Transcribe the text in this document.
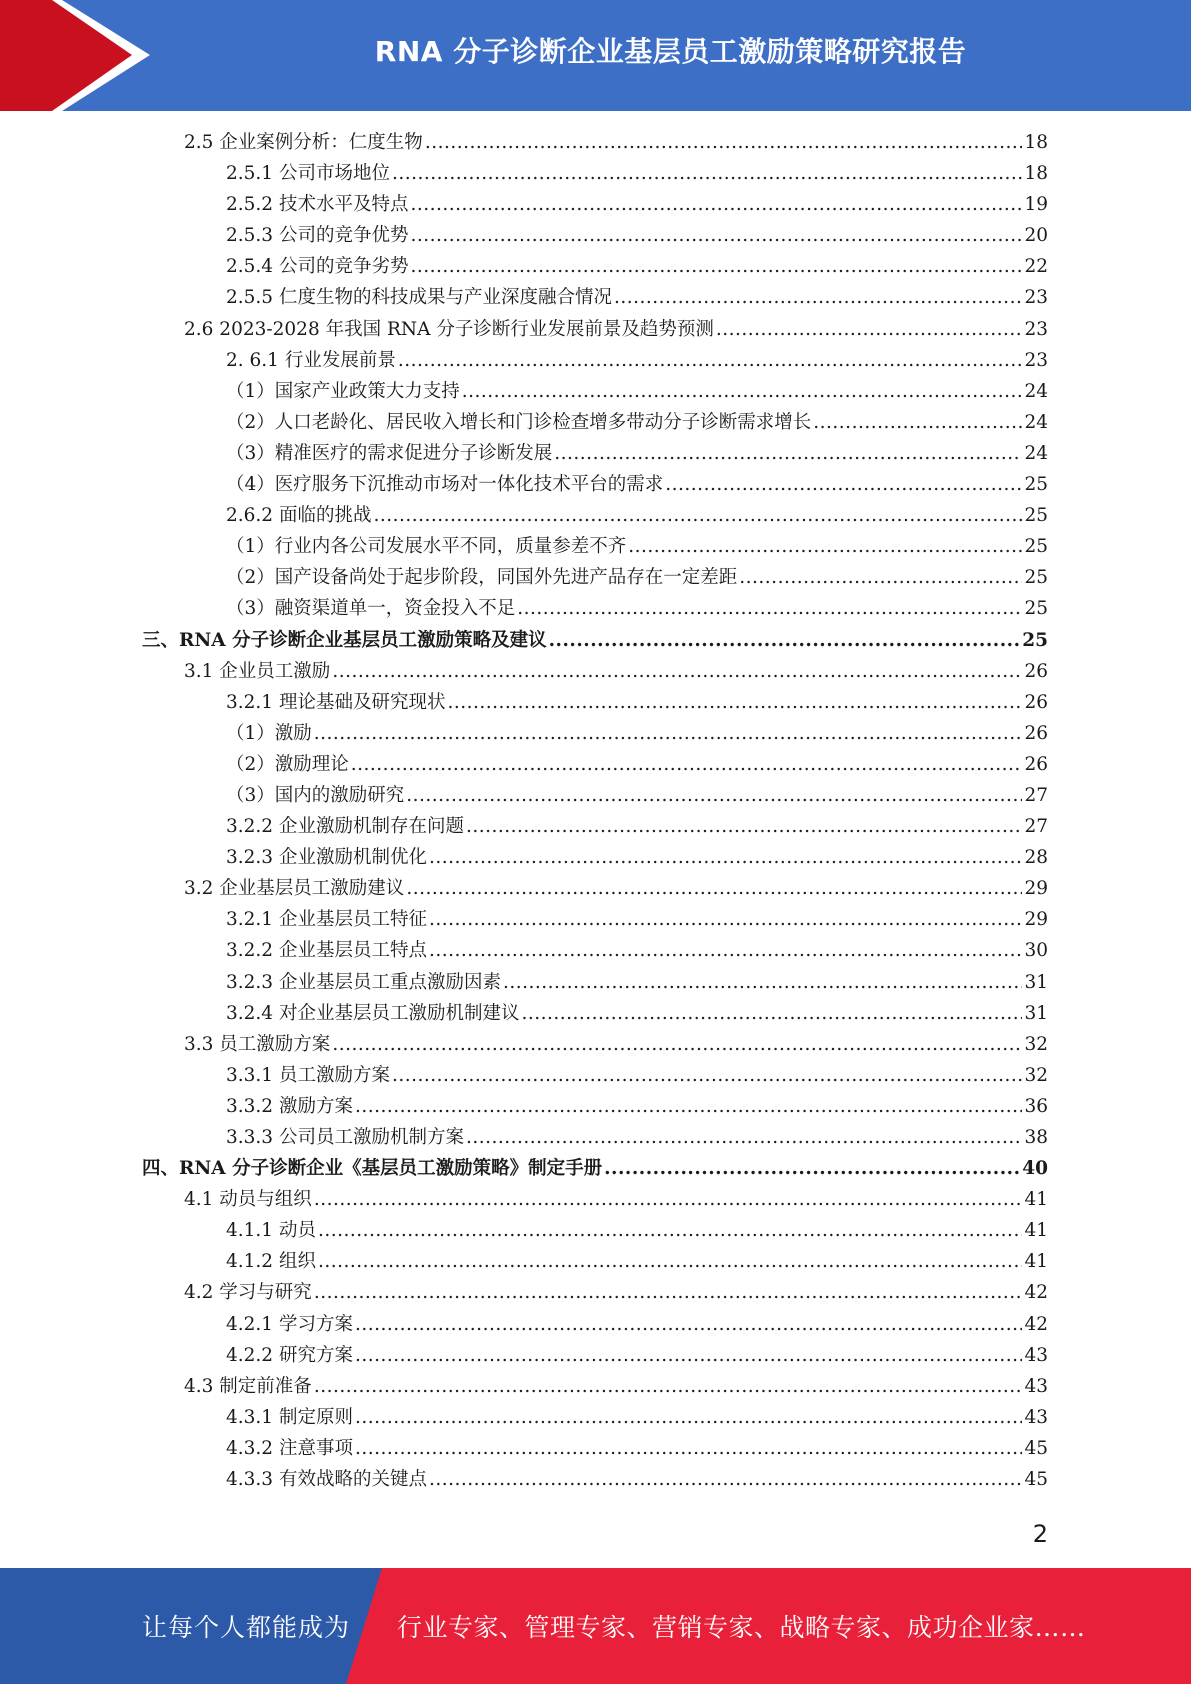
RNA 分子诊断企业基层员工激励策略研究报告
2.5 企业案例分析：仁度生物 .....	18
2.5.1 公司市场地位 .....	18
2.5.2 技术水平及特点 .....	19
2.5.3 公司的竞争优势 .....	20
2.5.4 公司的竞争劣势 .....	22
2.5.5 仁度生物的科技成果与产业深度融合情况 .....	23
2.6 2023-2028 年我国 RNA 分子诊断行业发展前景及趋势预测 .....	23
2. 6.1 行业发展前景 .....	23
（1）国家产业政策大力支持 .....	24
（2）人口老龄化、居民收入增长和门诊检查增多带动分子诊断需求增长 .....	24
（3）精准医疗的需求促进分子诊断发展 .....	24
（4）医疗服务下沉推动市场对一体化技术平台的需求 .....	25
2.6.2 面临的挑战 .....	25
（1）行业内各公司发展水平不同，质量参差不齐 .....	25
（2）国产设备尚处于起步阶段，同国外先进产品存在一定差距 .....	25
（3）融资渠道单一，资金投入不足 .....	25
三、RNA 分子诊断企业基层员工激励策略及建议 .....	25
3.1 企业员工激励 .....	26
3.2.1 理论基础及研究现状 .....	26
（1）激励 .....	26
（2）激励理论 .....	26
（3）国内的激励研究 .....	27
3.2.2 企业激励机制存在问题 .....	27
3.2.3 企业激励机制优化 .....	28
3.2 企业基层员工激励建议 .....	29
3.2.1 企业基层员工特征 .....	29
3.2.2 企业基层员工特点 .....	30
3.2.3 企业基层员工重点激励因素 .....	31
3.2.4 对企业基层员工激励机制建议 .....	31
3.3 员工激励方案 .....	32
3.3.1 员工激励方案 .....	32
3.3.2 激励方案 .....	36
3.3.3 公司员工激励机制方案 .....	38
四、RNA 分子诊断企业《基层员工激励策略》制定手册 .....	40
4.1 动员与组织 .....	41
4.1.1 动员 .....	41
4.1.2 组织 .....	41
4.2 学习与研究 .....	42
4.2.1 学习方案 .....	42
4.2.2 研究方案 .....	43
4.3 制定前准备 .....	43
4.3.1 制定原则 .....	43
4.3.2 注意事项 .....	45
4.3.3 有效战略的关键点 .....	45
2
让每个人都能成为 行业专家、管理专家、营销专家、战略专家、成功企业家……
